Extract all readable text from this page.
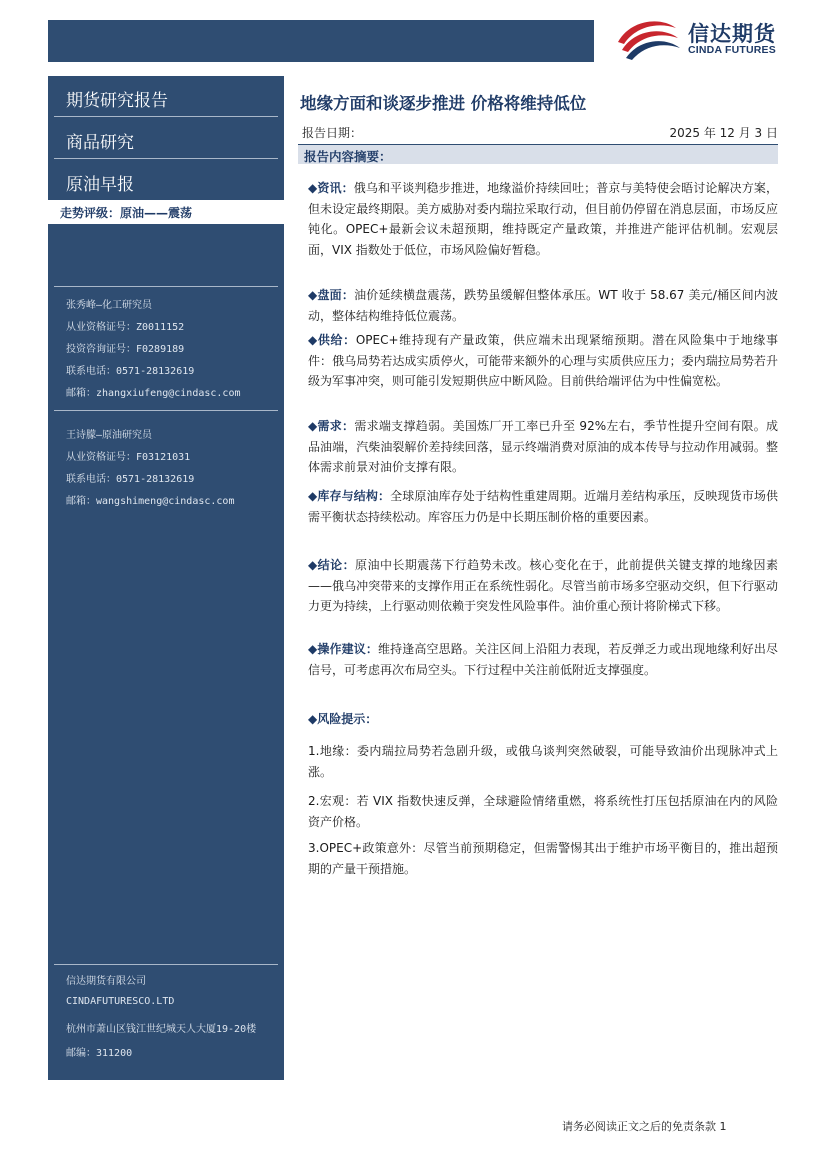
信达期货
CINDA FUTURES
期货研究报告
商品研究
原油早报
走势评级：原油——震荡
张秀峰—化工研究员
从业资格证号：Z0011152
投资咨询证号：F0289189
联系电话：0571-28132619
邮箱：zhangxiufeng@cindasc.com
王诗朦—原油研究员
从业资格证号：F03121031
联系电话：0571-28132619
邮箱：wangshimeng@cindasc.com
信达期货有限公司
CINDAFUTURESCO.LTD
杭州市萧山区钱江世纪城天人大厦19-20楼
邮编：311200
地缘方面和谈逐步推进 价格将维持低位
报告日期：	2025 年 12 月 3 日
报告内容摘要：
◆资讯：俄乌和平谈判稳步推进，地缘溢价持续回吐；普京与美特使会晤讨论解决方案，但未设定最终期限。美方威胁对委内瑞拉采取行动，但目前仍停留在消息层面，市场反应钝化。OPEC+最新会议未超预期，维持既定产量政策，并推进产能评估机制。宏观层面，VIX 指数处于低位，市场风险偏好暂稳。
◆盘面：油价延续横盘震荡，跌势虽缓解但整体承压。WT 收于 58.67 美元/桶区间内波动，整体结构维持低位震荡。
◆供给：OPEC+维持现有产量政策，供应端未出现紧缩预期。潜在风险集中于地缘事件：俄乌局势若达成实质停火，可能带来额外的心理与实质供应压力；委内瑞拉局势若升级为军事冲突，则可能引发短期供应中断风险。目前供给端评估为中性偏宽松。
◆需求：需求端支撑趋弱。美国炼厂开工率已升至 92%左右，季节性提升空间有限。成品油端，汽柴油裂解价差持续回落，显示终端消费对原油的成本传导与拉动作用减弱。整体需求前景对油价支撑有限。
◆库存与结构：全球原油库存处于结构性重建周期。近端月差结构承压，反映现货市场供需平衡状态持续松动。库容压力仍是中长期压制价格的重要因素。
◆结论：原油中长期震荡下行趋势未改。核心变化在于，此前提供关键支撑的地缘因素——俄乌冲突带来的支撑作用正在系统性弱化。尽管当前市场多空驱动交织，但下行驱动力更为持续，上行驱动则依赖于突发性风险事件。油价重心预计将阶梯式下移。
◆操作建议：维持逢高空思路。关注区间上沿阻力表现，若反弹乏力或出现地缘利好出尽信号，可考虑再次布局空头。下行过程中关注前低附近支撑强度。
◆风险提示：
1.地缘：委内瑞拉局势若急剧升级，或俄乌谈判突然破裂，可能导致油价出现脉冲式上涨。
2.宏观：若 VIX 指数快速反弹，全球避险情绪重燃，将系统性打压包括原油在内的风险资产价格。
3.OPEC+政策意外：尽管当前预期稳定，但需警惕其出于维护市场平衡目的，推出超预期的产量干预措施。
请务必阅读正文之后的免责条款 1
